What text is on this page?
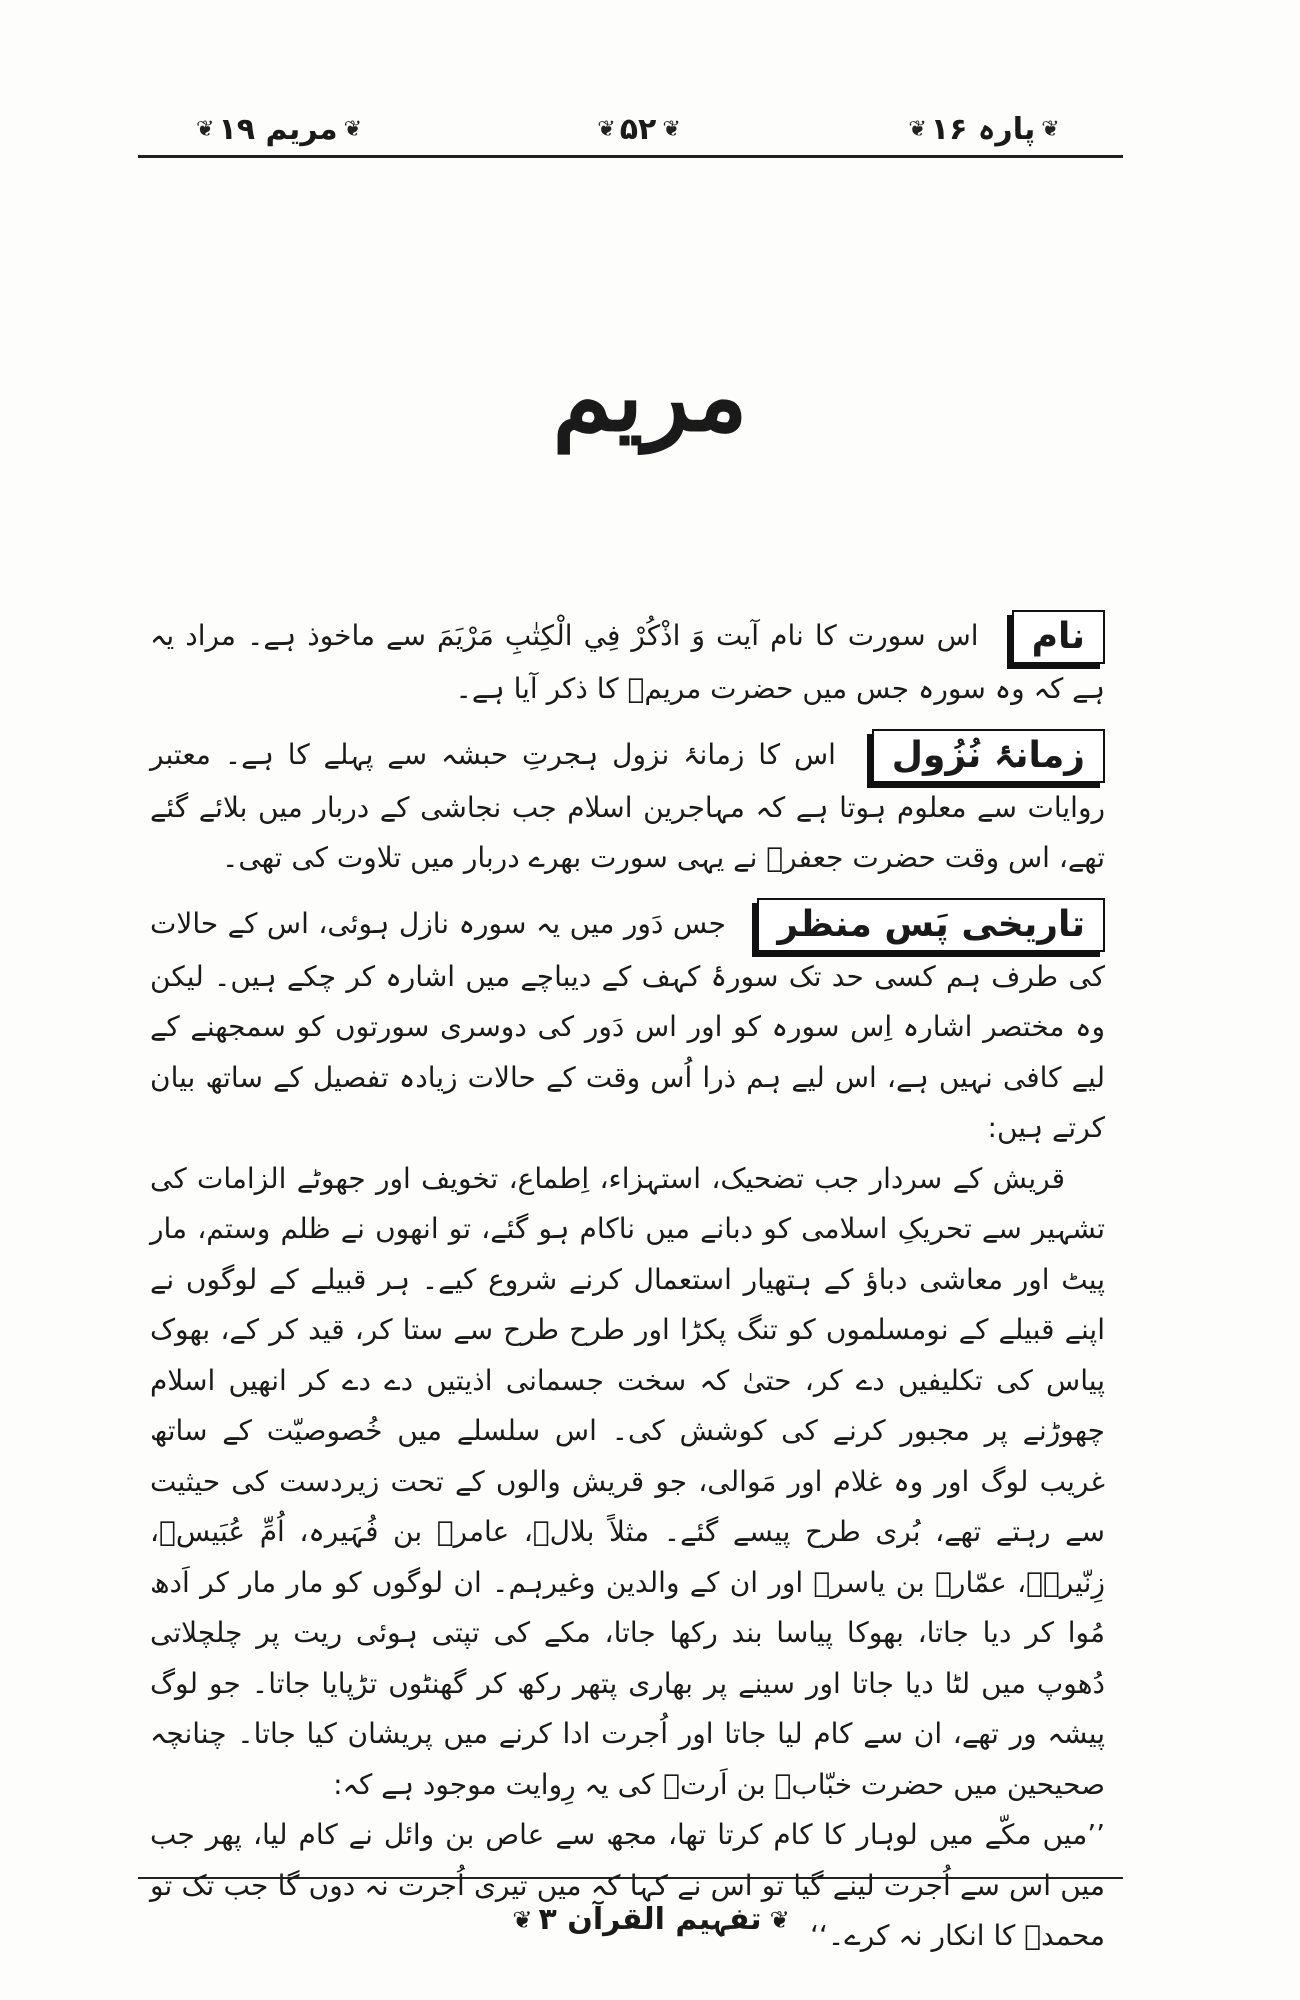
❦
پارہ ۱۶
❦
❦
۵۲
❦
❦
مریم ۱۹
❦
مریم

نام اس سورت کا نام آیت وَ اذْکُرْ فِي الْکِتٰبِ مَرْیَمَ سے ماخوذ ہے۔ مراد یہ ہے کہ وہ سورہ جس میں حضرت مریمؑ کا ذکر آیا ہے۔

زمانۂ نُزُول اس کا زمانۂ نزول ہجرتِ حبشہ سے پہلے کا ہے۔ معتبر روایات سے معلوم ہوتا ہے کہ مہاجرین اسلام جب نجاشی کے دربار میں بلائے گئے تھے، اس وقت حضرت جعفرؓ نے یہی سورت بھرے دربار میں تلاوت کی تھی۔

تاریخی پَس منظر جس دَور میں یہ سورہ نازل ہوئی، اس کے حالات کی طرف ہم کسی حد تک سورۂ کہف کے دیباچے میں اشارہ کر چکے ہیں۔ لیکن وہ مختصر اشارہ اِس سورہ کو اور اس دَور کی دوسری سورتوں کو سمجھنے کے لیے کافی نہیں ہے، اس لیے ہم ذرا اُس وقت کے حالات زیادہ تفصیل کے ساتھ بیان کرتے ہیں:

قریش کے سردار جب تضحیک، استہزاء، اِطماع، تخویف اور جھوٹے الزامات کی تشہیر سے تحریکِ اسلامی کو دبانے میں ناکام ہو گئے، تو انھوں نے ظلم وستم، مار پیٹ اور معاشی دباؤ کے ہتھیار استعمال کرنے شروع کیے۔ ہر قبیلے کے لوگوں نے اپنے قبیلے کے نومسلموں کو تنگ پکڑا اور طرح طرح سے ستا کر، قید کر کے، بھوک پیاس کی تکلیفیں دے کر، حتیٰ کہ سخت جسمانی اذیتیں دے دے کر انھیں اسلام چھوڑنے پر مجبور کرنے کی کوشش کی۔ اس سلسلے میں خُصوصیّت کے ساتھ غریب لوگ اور وہ غلام اور مَوالی، جو قریش والوں کے تحت زیردست کی حیثیت سے رہتے تھے، بُری طرح پیسے گئے۔ مثلاً بلالؓ، عامرؓ بن فُہَیرہ، اُمِّ عُبَیسؓ، زِنّیرۃؓ، عمّارؓ بن یاسرؓ اور ان کے والدین وغیرہم۔ ان لوگوں کو مار مار کر اَدھ مُوا کر دیا جاتا، بھوکا پیاسا بند رکھا جاتا، مکے کی تپتی ہوئی ریت پر چلچلاتی دُھوپ میں لٹا دیا جاتا اور سینے پر بھاری پتھر رکھ کر گھنٹوں تڑپایا جاتا۔ جو لوگ پیشہ ور تھے، ان سے کام لیا جاتا اور اُجرت ادا کرنے میں پریشان کیا جاتا۔ چنانچہ صحیحین میں حضرت خبّابؓ بن اَرتؓ کی یہ رِوایت موجود ہے کہ:

’’میں مکّے میں لوہار کا کام کرتا تھا، مجھ سے عاص بن وائل نے کام لیا، پھر جب میں اس سے اُجرت لینے گیا تو اس نے کہا کہ میں تیری اُجرت نہ دوں گا جب تک تو محمدؐ کا انکار نہ کرے۔‘‘

❦
تفہیم القرآن ۳
❦
